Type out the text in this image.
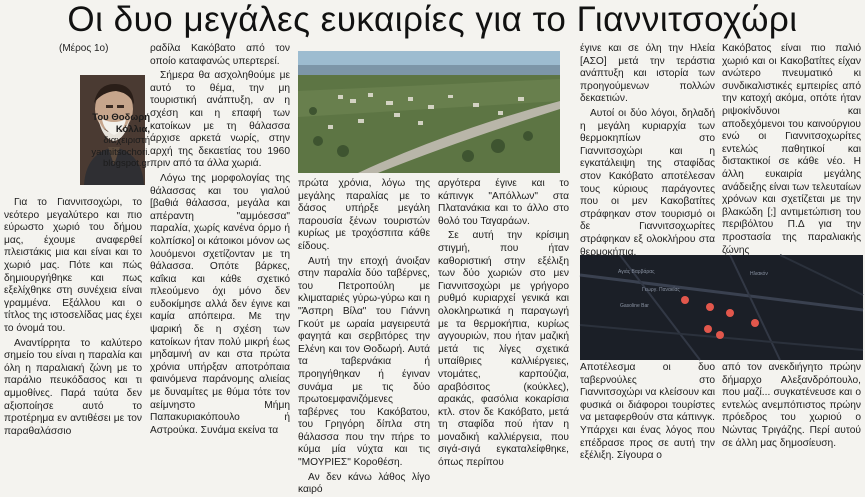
Οι δυο μεγάλες ευκαιρίες για το Γιαννιτσοχώρι
(Μέρος 1ο)
Του Θοδωρή
Κόλλια,
διαχειριστή
yannitsochori.
blogspot.gr
Αγιάς Βαρβάρας
Γεωργ. Πανακίας
Gasoline Bar
Ηλιακόν

Για το Γιαννιτσοχώρι, το νεότερο μεγαλύτερο και πιο εύρωστο χωριό του δήμου μας, έχουμε αναφερθεί πλειστάκις μια και είναι και το χωριό μας. Πότε και πώς δημιουργήθηκε και πως εξελίχθηκε στη συνέχεια είναι γραμμένα. Εξάλλου και ο τίτλος της ιστοσελίδας μας έχει το όνομά του.

Αναντίρρητα το καλύτερο σημείο του είναι η παραλία και όλη η παραλιακή ζώνη με το παράλιο πευκόδασος και τι αμμοθίνες. Παρά ταύτα δεν αξιοποίησε αυτό το προτέρημα εν αντιθέσει με τον παραθαλάσσιο

ραδίλα Κακόβατο από τον οποίο καταφανώς υπερτερεί.

Σήμερα θα ασχοληθούμε με αυτό το θέμα, την μη τουριστική ανάπτυξη, αν η σχέση και η επαφή των κατοίκων με τη θάλασσα άρχισε αρκετά νωρίς, στην αρχή της δεκαετίας του 1960 πριν από τα άλλα χωριά.

Λόγω της μορφολογίας της θάλασσας και του γιαλού [βαθιά θάλασσα, μεγάλα και απέραντη "αμμόεσσα" παραλία, χωρίς κανένα όρμο ή κολπίσκο] οι κάτοικοι μόνον ως λουόμενοι σχετίζονταν με τη θάλασσα. Οπότε βάρκες, καΐκια και κάθε σχετικό πλεούμενο όχι μόνο δεν ευδοκίμησε αλλά δεν έγινε και καμία απόπειρα. Με την ψαρική δε η σχέση των κατοίκων ήταν πολύ μικρή έως μηδαμινή αν και στα πρώτα χρόνια υπήρξαν αποτρόπαια φαινόμενα παράνομης αλιείας με δυναμίτες με θύμα τότε τον αείμνηστο Μήμη Παπακυριακόπουλο ή Αστρούκα. Συνάμα εκείνα τα

πρώτα χρόνια, λόγω της μεγάλης παραλίας με το δάσος υπήρξε μεγάλη παρουσία ξένων τουριστών κυρίως με τροχόσπιτα κάθε είδους.

Αυτή την εποχή άνοιξαν στην παραλία δύο ταβέρνες, του Πετροπούλη με κλιματαριές γύρω-γύρω και η "Άσπρη Βίλα" του Γιάννη Γκούτ με ωραία μαγειρευτά φαγητά και σερβιτόρες την Ελένη και τον Θοδωρή. Αυτά τα ταβερνάκια ή προηγήθηκαν ή έγιναν συνάμα με τις δύο πρωτοεμφανιζόμενες ταβέρνες του Κακόβατου, του Γρηγόρη δίπλα στη θάλασσα που την πήρε το κύμα μία νύχτα και τις "ΜΟΥΡΙΕΣ" Κοροθέση.

Αν δεν κάνω λάθος λίγο καιρό

αργότερα έγινε και το κάπινγκ "Απόλλων" στα Πλατανάκια και το άλλο στο θολό του Ταγαράων.

Σε αυτή την κρίσιμη στιγμή, που ήταν καθοριστική στην εξέλιξη των δύο χωριών στο μεν Γιαννιτσοχώρι με γρήγορο ρυθμό κυριαρχεί γενικά και ολοκληρωτικά η παραγωγή με τα θερμοκήπια, κυρίως αγγουριών, που ήταν μαζική μετά τις λίγες σχετικά υπαίθριες καλλιέργειες, ντομάτες, καρπούζια, αραβόσιτος (κούκλες), αρακάς, φασόλια κοκαρίσια κτλ. στον δε Κακόβατο, μετά τη σταφίδα πού ήταν η μοναδική καλλιέργεια, που σιγά-σιγά εγκαταλείφθηκε, όπως περίπου

έγινε και σε όλη την Ηλεία [ΑΣΟ] μετά την τεράστια ανάπτυξη και ιστορία των προηγούμενων πολλών δεκαετιών.

Αυτοί οι δύο λόγοι, δηλαδή η μεγάλη κυριαρχία των θερμοκηπίων στο Γιαννιτσοχώρι και η εγκατάλειψη της σταφίδας στον Κακόβατο αποτέλεσαν τους κύριους παράγοντες που οι μεν Κακοβατίτες στράφηκαν στον τουρισμό οι δε Γιαννιτσοχωρίτες στράφηκαν εξ ολοκλήρου στα θερμοκήπια.

Κακόβατος είναι πιο παλιό χωριό και οι Κακοβατίτες είχαν ανώτερο πνευματικό κι συνδικαλιστικές εμπειρίες από την κατοχή ακόμα, οπότε ήταν ριψοκίνδυνοι και αποδεχόμενοι του καινούργιου ενώ οι Γιαννιτσοχωρίτες εντελώς παθητικοί και διστακτικοί σε κάθε νέο. Η άλλη ευκαιρία μεγάλης ανάδειξης είναι των τελευταίων χρόνων και σχετίζεται με την βλακώδη [;] αντιμετώπιση του περιβόλτου Π.Δ για την προστασία της παραλιακής ζώνης

Αποτέλεσμα οι δυο ταβερνούλες στο Γιαννιτσοχώρι να κλείσουν και φυσικά οι διάφοροι τουρίστες να μεταφερθούν στα κάπινγκ. Υπάρχει και ένας λόγος που επέδρασε προς σε αυτή την εξέλιξη. Σίγουρα ο

από τον ανεκδιήγητο πρώην δήμαρχο Αλεξανδρόπουλο, που μαζί... συγκατένευσε και ο εντελώς ανεμπόπιστος πρώην πρόεδρος του χωριού ο Νώντας Τριγάζης. Περί αυτού σε άλλη μας δημοσίευση.
